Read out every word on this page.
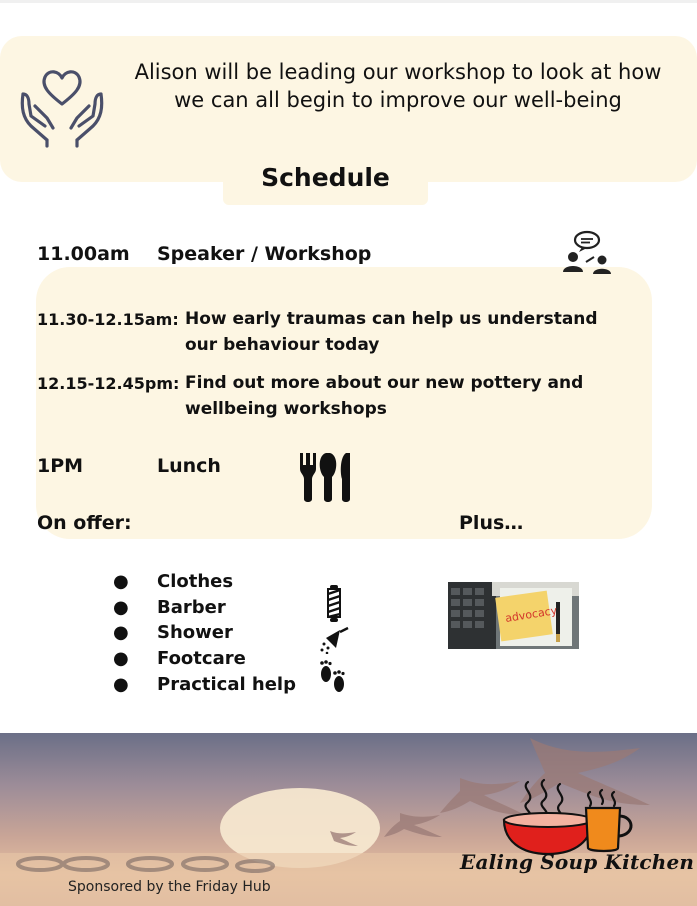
Alison will be leading our workshop to look at how we can all begin to improve our well-being
Schedule
11.00am Speaker / Workshop
11.30-12.15am: How early traumas can help us understand our behaviour today
12.15-12.45pm: Find out more about our new pottery and wellbeing workshops
1PM	Lunch
On offer:	Plus…
●	Clothes
●	Barber
●	Shower
●	Footcare
●	Practical help
advocacy
Ealing Soup Kitchen
Sponsored by the Friday Hub
